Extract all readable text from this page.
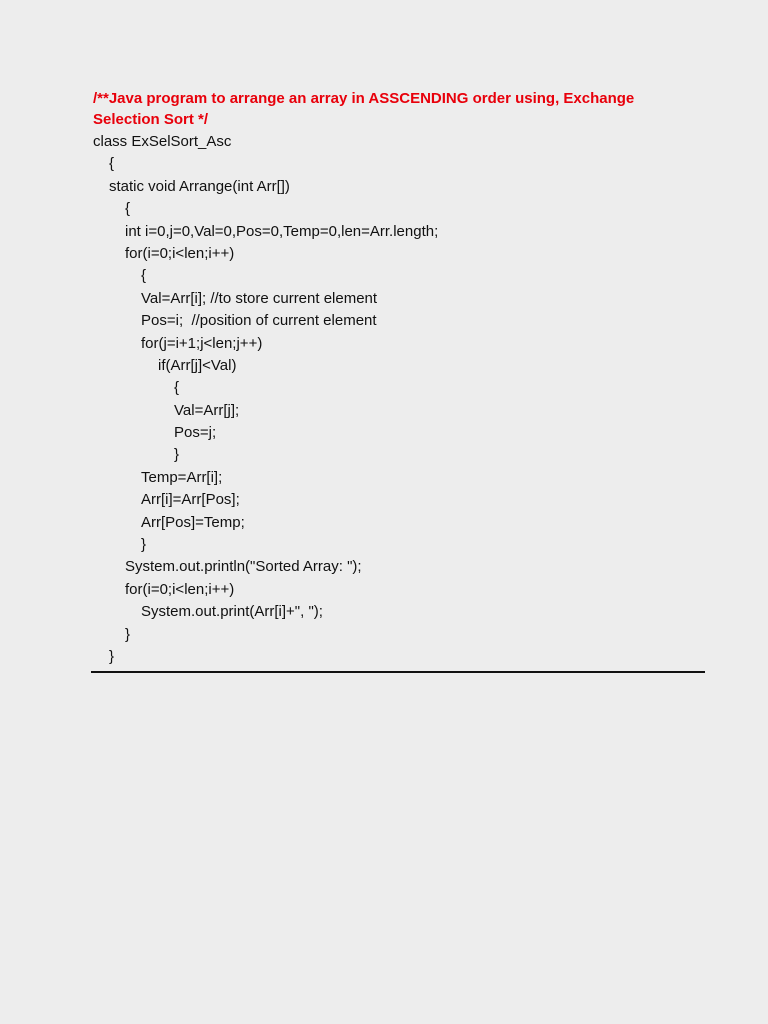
/**Java program to arrange an array in ASSCENDING order using, Exchange
Selection Sort */

class ExSelSort_Asc
{
static void Arrange(int Arr[])
{
int i=0,j=0,Val=0,Pos=0,Temp=0,len=Arr.length;
for(i=0;i<len;i++)
{
Val=Arr[i]; //to store current element
Pos=i;  //position of current element
for(j=i+1;j<len;j++)
if(Arr[j]<Val)
{
Val=Arr[j];
Pos=j;
}
Temp=Arr[i];
Arr[i]=Arr[Pos];
Arr[Pos]=Temp;
}
System.out.println("Sorted Array: ");
for(i=0;i<len;i++)
System.out.print(Arr[i]+", ");
}
}
